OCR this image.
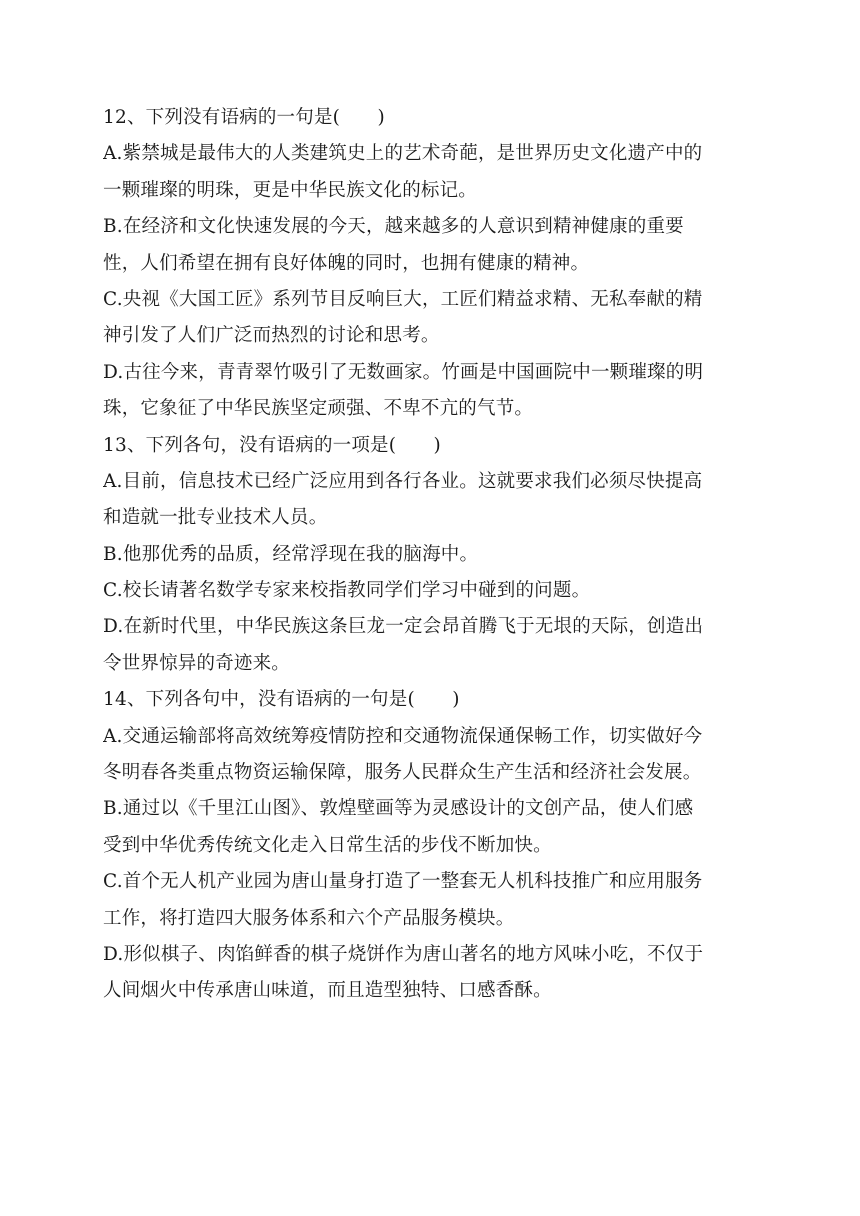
12、下列没有语病的一句是(　　)
A.紫禁城是最伟大的人类建筑史上的艺术奇葩，是世界历史文化遗产中的
一颗璀璨的明珠，更是中华民族文化的标记。
B.在经济和文化快速发展的今天，越来越多的人意识到精神健康的重要
性，人们希望在拥有良好体魄的同时，也拥有健康的精神。
C.央视《大国工匠》系列节目反响巨大，工匠们精益求精、无私奉献的精
神引发了人们广泛而热烈的讨论和思考。
D.古往今来，青青翠竹吸引了无数画家。竹画是中国画院中一颗璀璨的明
珠，它象征了中华民族坚定顽强、不卑不亢的气节。
13、下列各句，没有语病的一项是(　　)
A.目前，信息技术已经广泛应用到各行各业。这就要求我们必须尽快提高
和造就一批专业技术人员。
B.他那优秀的品质，经常浮现在我的脑海中。
C.校长请著名数学专家来校指教同学们学习中碰到的问题。
D.在新时代里，中华民族这条巨龙一定会昂首腾飞于无垠的天际，创造出
令世界惊异的奇迹来。
14、下列各句中，没有语病的一句是(　　)
A.交通运输部将高效统筹疫情防控和交通物流保通保畅工作，切实做好今
冬明春各类重点物资运输保障，服务人民群众生产生活和经济社会发展。
B.通过以《千里江山图》、敦煌壁画等为灵感设计的文创产品，使人们感
受到中华优秀传统文化走入日常生活的步伐不断加快。
C.首个无人机产业园为唐山量身打造了一整套无人机科技推广和应用服务
工作，将打造四大服务体系和六个产品服务模块。
D.形似棋子、肉馅鲜香的棋子烧饼作为唐山著名的地方风味小吃，不仅于
人间烟火中传承唐山味道，而且造型独特、口感香酥。
